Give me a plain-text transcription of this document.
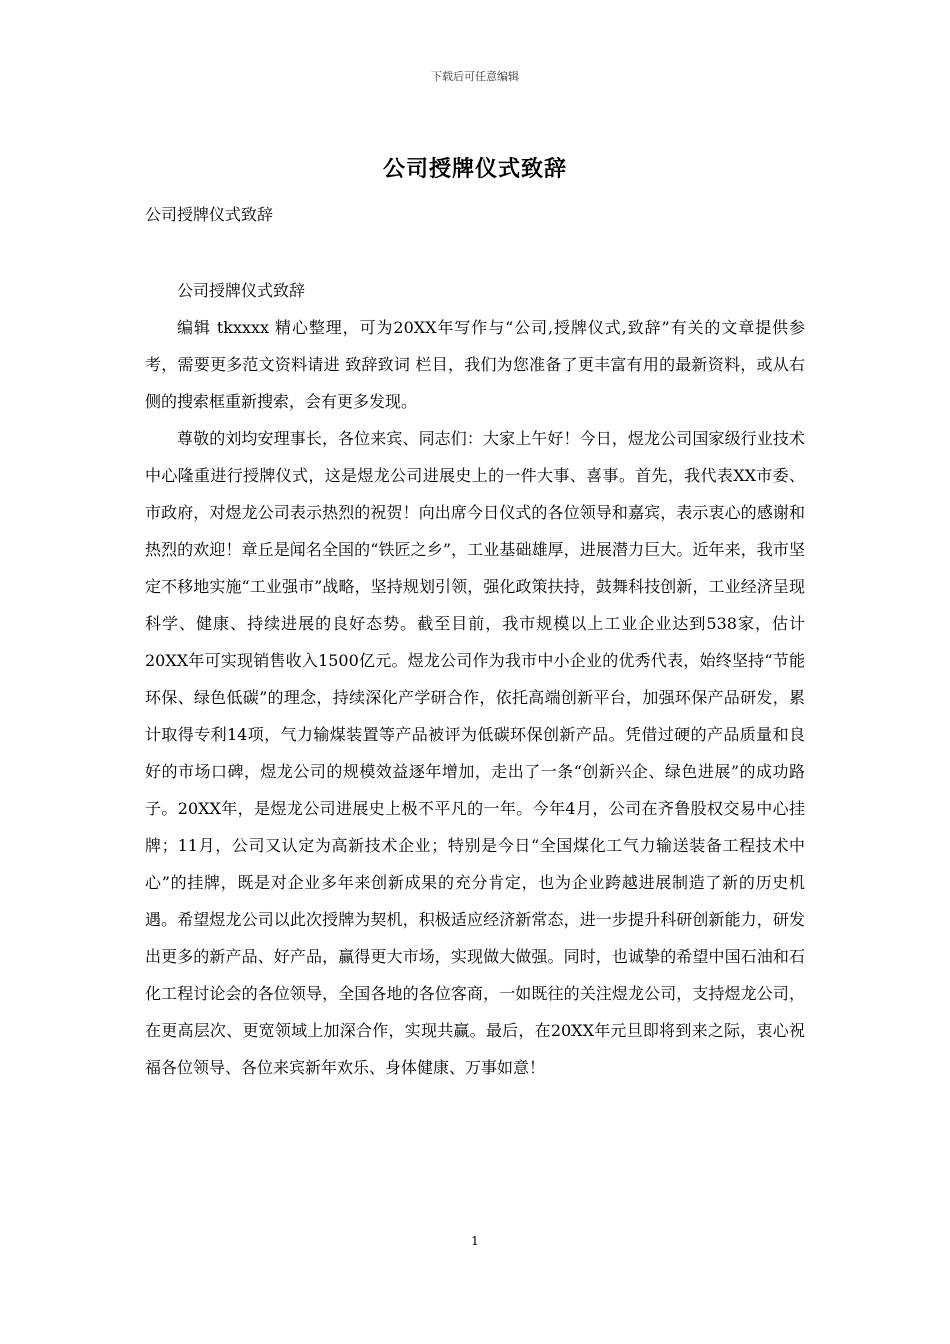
下载后可任意编辑
公司授牌仪式致辞
公司授牌仪式致辞

公司授牌仪式致辞

编辑 tkxxxx 精心整理，可为20XX年写作与“公司,授牌仪式,致辞”有关的文章提供参考，需要更多范文资料请进 致辞致词 栏目，我们为您准备了更丰富有用的最新资料，或从右侧的搜索框重新搜索，会有更多发现。

尊敬的刘均安理事长，各位来宾、同志们：大家上午好！今日，煜龙公司国家级行业技术中心隆重进行授牌仪式，这是煜龙公司进展史上的一件大事、喜事。首先，我代表XX市委、市政府，对煜龙公司表示热烈的祝贺！向出席今日仪式的各位领导和嘉宾，表示衷心的感谢和热烈的欢迎！章丘是闻名全国的“铁匠之乡”，工业基础雄厚，进展潜力巨大。近年来，我市坚定不移地实施“工业强市”战略，坚持规划引领，强化政策扶持，鼓舞科技创新，工业经济呈现科学、健康、持续进展的良好态势。截至目前，我市规模以上工业企业达到538家，估计20XX年可实现销售收入1500亿元。煜龙公司作为我市中小企业的优秀代表，始终坚持“节能环保、绿色低碳”的理念，持续深化产学研合作，依托高端创新平台，加强环保产品研发，累计取得专利14项，气力输煤装置等产品被评为低碳环保创新产品。凭借过硬的产品质量和良好的市场口碑，煜龙公司的规模效益逐年增加，走出了一条“创新兴企、绿色进展”的成功路子。20XX年，是煜龙公司进展史上极不平凡的一年。今年4月，公司在齐鲁股权交易中心挂牌；11月，公司又认定为高新技术企业；特别是今日“全国煤化工气力输送装备工程技术中心”的挂牌，既是对企业多年来创新成果的充分肯定，也为企业跨越进展制造了新的历史机遇。希望煜龙公司以此次授牌为契机，积极适应经济新常态，进一步提升科研创新能力，研发出更多的新产品、好产品，赢得更大市场，实现做大做强。同时，也诚挚的希望中国石油和石化工程讨论会的各位领导，全国各地的各位客商，一如既往的关注煜龙公司，支持煜龙公司，在更高层次、更宽领域上加深合作，实现共赢。最后，在20XX年元旦即将到来之际，衷心祝福各位领导、各位来宾新年欢乐、身体健康、万事如意！

1
